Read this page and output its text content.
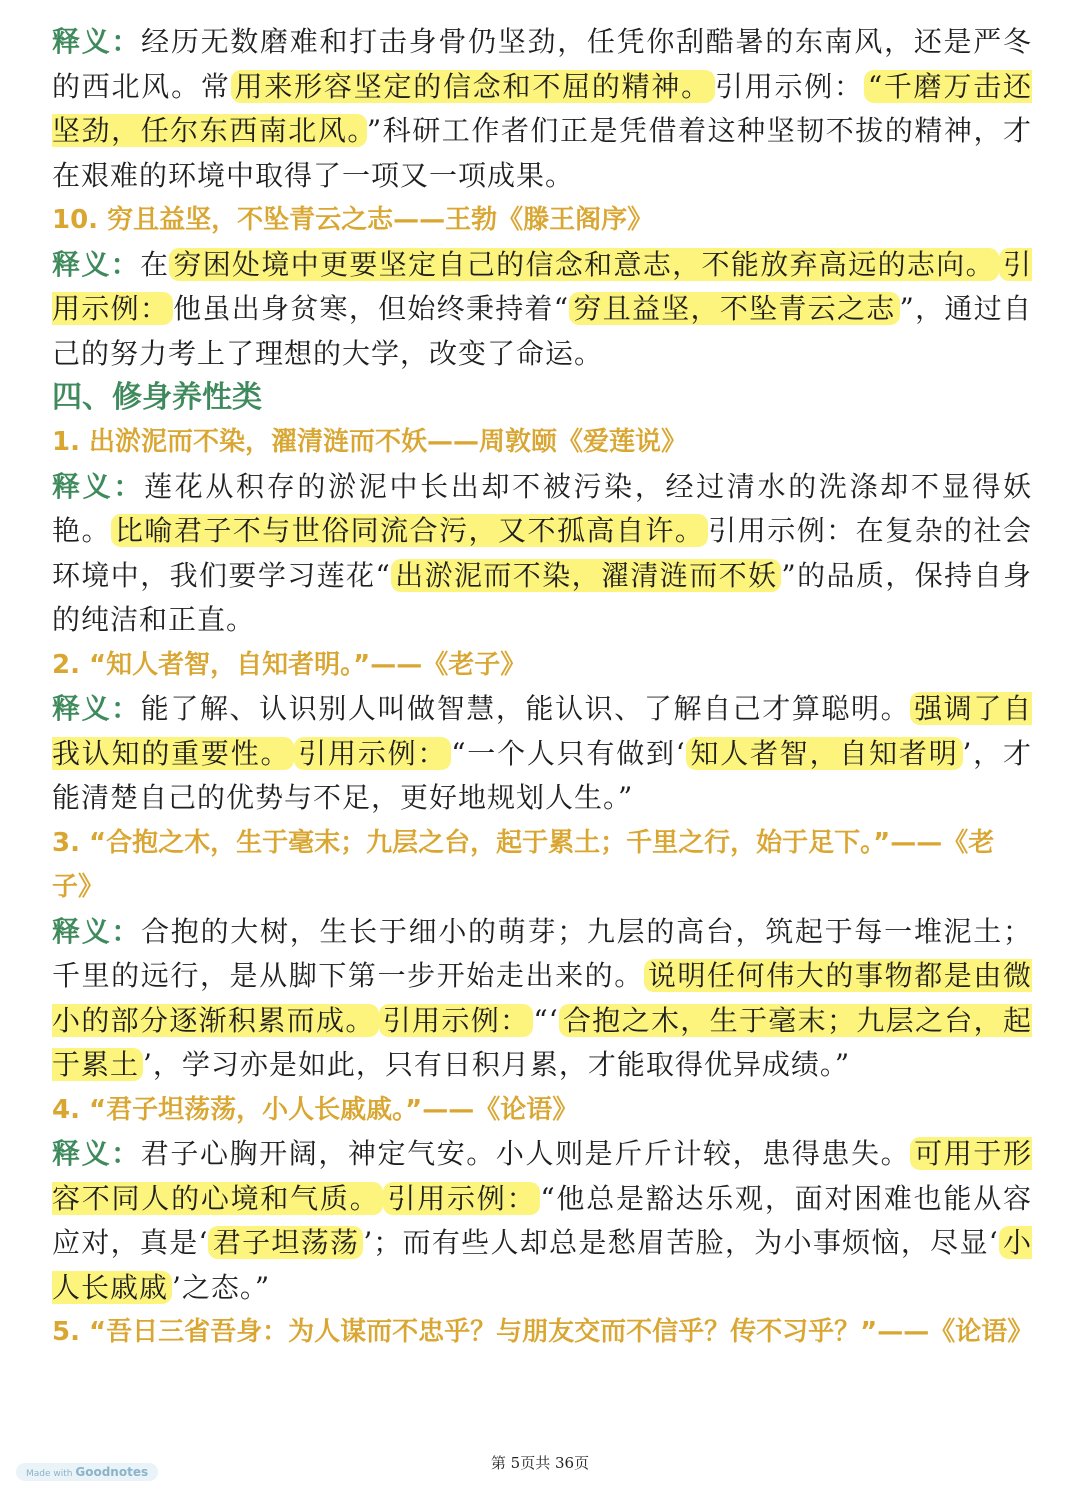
释义：经历无数磨难和打击身骨仍坚劲，任凭你刮酷暑的东南风，还是严冬的西北风。常 用来形容坚定的信念和不屈的精神。 引用示例： “千磨万击还坚劲，任尔东西南北风。 ”科研工作者们正是凭借着这种坚韧不拔的精神，才在艰难的环境中取得了一项又一项成果。

10. 穷且益坚，不坠青云之志——王勃《滕王阁序》

释义：在 穷困处境中更要坚定自己的信念和意志，不能放弃高远的志向。 引用示例： 他虽出身贫寒，但始终秉持着“ 穷且益坚，不坠青云之志 ”，通过自己的努力考上了理想的大学，改变了命运。

四、修身养性类

1. 出淤泥而不染，濯清涟而不妖——周敦颐《爱莲说》

释义：莲花从积存的淤泥中长出却不被污染，经过清水的洗涤却不显得妖艳。 比喻君子不与世俗同流合污，又不孤高自许。 引用示例：在复杂的社会环境中，我们要学习莲花“ 出淤泥而不染，濯清涟而不妖 ”的品质，保持自身的纯洁和正直。

2. “知人者智，自知者明。”——《老子》

释义：能了解、认识别人叫做智慧，能认识、了解自己才算聪明。 强调了自我认知的重要性。 引用示例： “一个人只有做到‘ 知人者智，自知者明 ’，才能清楚自己的优势与不足，更好地规划人生。”

3. “合抱之木，生于毫末；九层之台，起于累土；千里之行，始于足下。”——《老子》

释义：合抱的大树，生长于细小的萌芽；九层的高台，筑起于每一堆泥土；千里的远行，是从脚下第一步开始走出来的。 说明任何伟大的事物都是由微小的部分逐渐积累而成。 引用示例： “‘ 合抱之木，生于毫末；九层之台，起于累土 ’，学习亦是如此，只有日积月累，才能取得优异成绩。”

4. “君子坦荡荡，小人长戚戚。”——《论语》

释义：君子心胸开阔，神定气安。小人则是斤斤计较，患得患失。 可用于形容不同人的心境和气质。 引用示例： “他总是豁达乐观，面对困难也能从容应对，真是‘ 君子坦荡荡 ’；而有些人却总是愁眉苦脸，为小事烦恼，尽显‘ 小人长戚戚 ’之态。”

5. “吾日三省吾身：为人谋而不忠乎？与朋友交而不信乎？传不习乎？”——《论语》

第 5页共 36页
Made with Goodnotes
